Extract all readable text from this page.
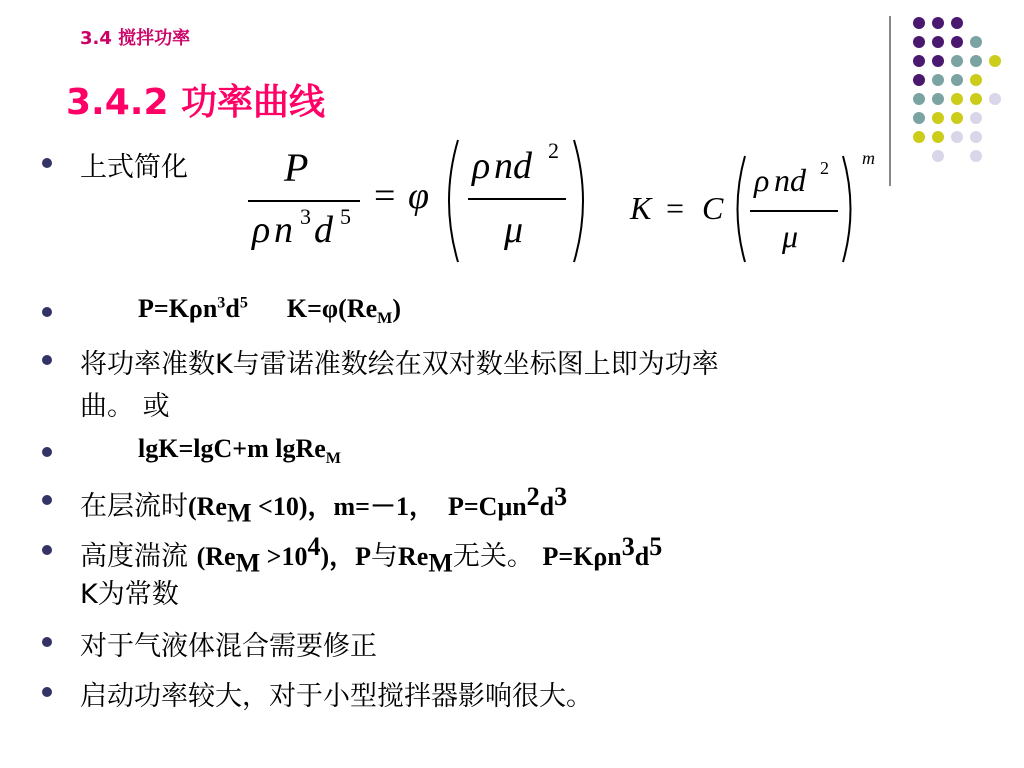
3.4 搅拌功率
3.4.2 功率曲线
上式简化 P
ρ n 3 d 5 = φ
ρ nd 2
μ
K = C
ρ nd 2
μ
m
$P=K\rho n^3d^5$      $K=\varphi(Re_M)$
将功率准数K与雷诺准数绘在双对数坐标图上即为功率
曲。 或
lgK=lgC+m lgRe$_M$
在层流时$(Re_M <10)$，m=－1，  $P=C\mu n^2d^3$
高度湍流 $(Re_M >10^4)$，P与$Re_M$无关。 $P=K\rho n^3d^5$
K为常数
对于气液体混合需要修正
启动功率较大，对于小型搅拌器影响很大。
